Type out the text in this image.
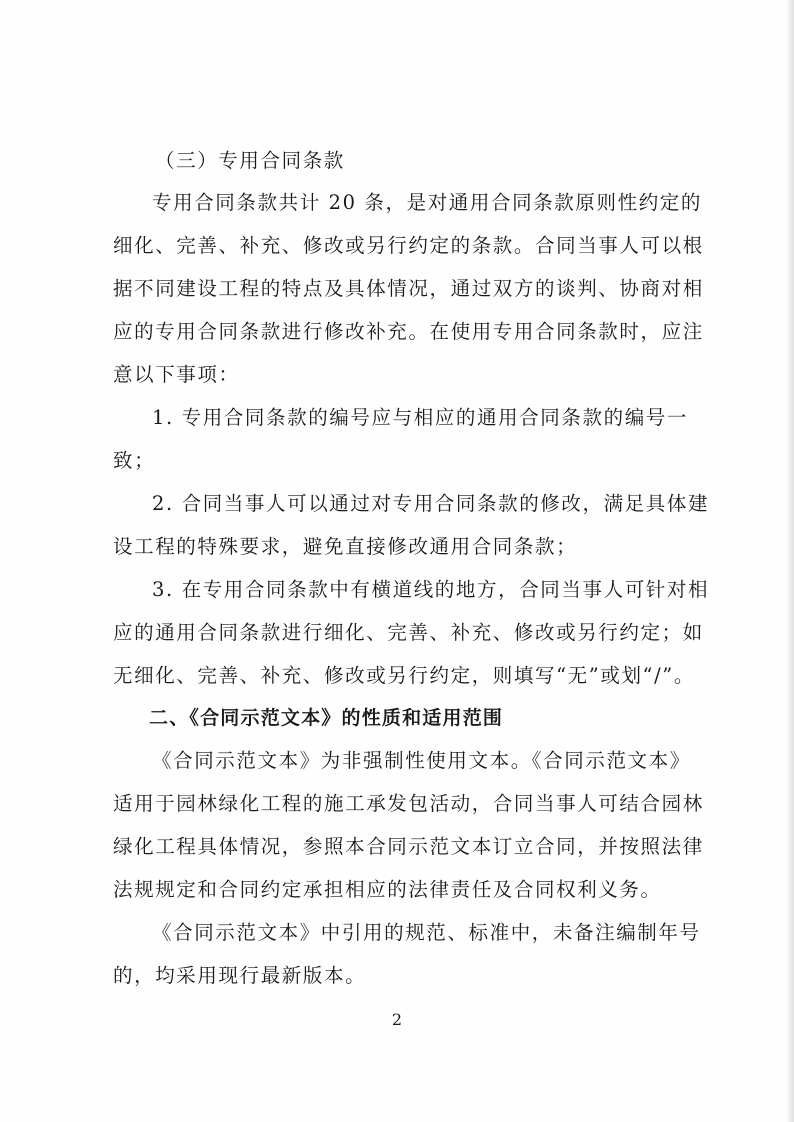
（三）专用合同条款
专用合同条款共计 20 条，是对通用合同条款原则性约定的
细化、完善、补充、修改或另行约定的条款。合同当事人可以根
据不同建设工程的特点及具体情况，通过双方的谈判、协商对相
应的专用合同条款进行修改补充。在使用专用合同条款时，应注
意以下事项：
1. 专用合同条款的编号应与相应的通用合同条款的编号一
致；
2. 合同当事人可以通过对专用合同条款的修改，满足具体建
设工程的特殊要求，避免直接修改通用合同条款；
3. 在专用合同条款中有横道线的地方，合同当事人可针对相
应的通用合同条款进行细化、完善、补充、修改或另行约定；如
无细化、完善、补充、修改或另行约定，则填写“无”或划“/”。
二、《合同示范文本》的性质和适用范围
《合同示范文本》为非强制性使用文本。《合同示范文本》
适用于园林绿化工程的施工承发包活动，合同当事人可结合园林
绿化工程具体情况，参照本合同示范文本订立合同，并按照法律
法规规定和合同约定承担相应的法律责任及合同权利义务。
《合同示范文本》中引用的规范、标准中，未备注编制年号
的，均采用现行最新版本。
2
